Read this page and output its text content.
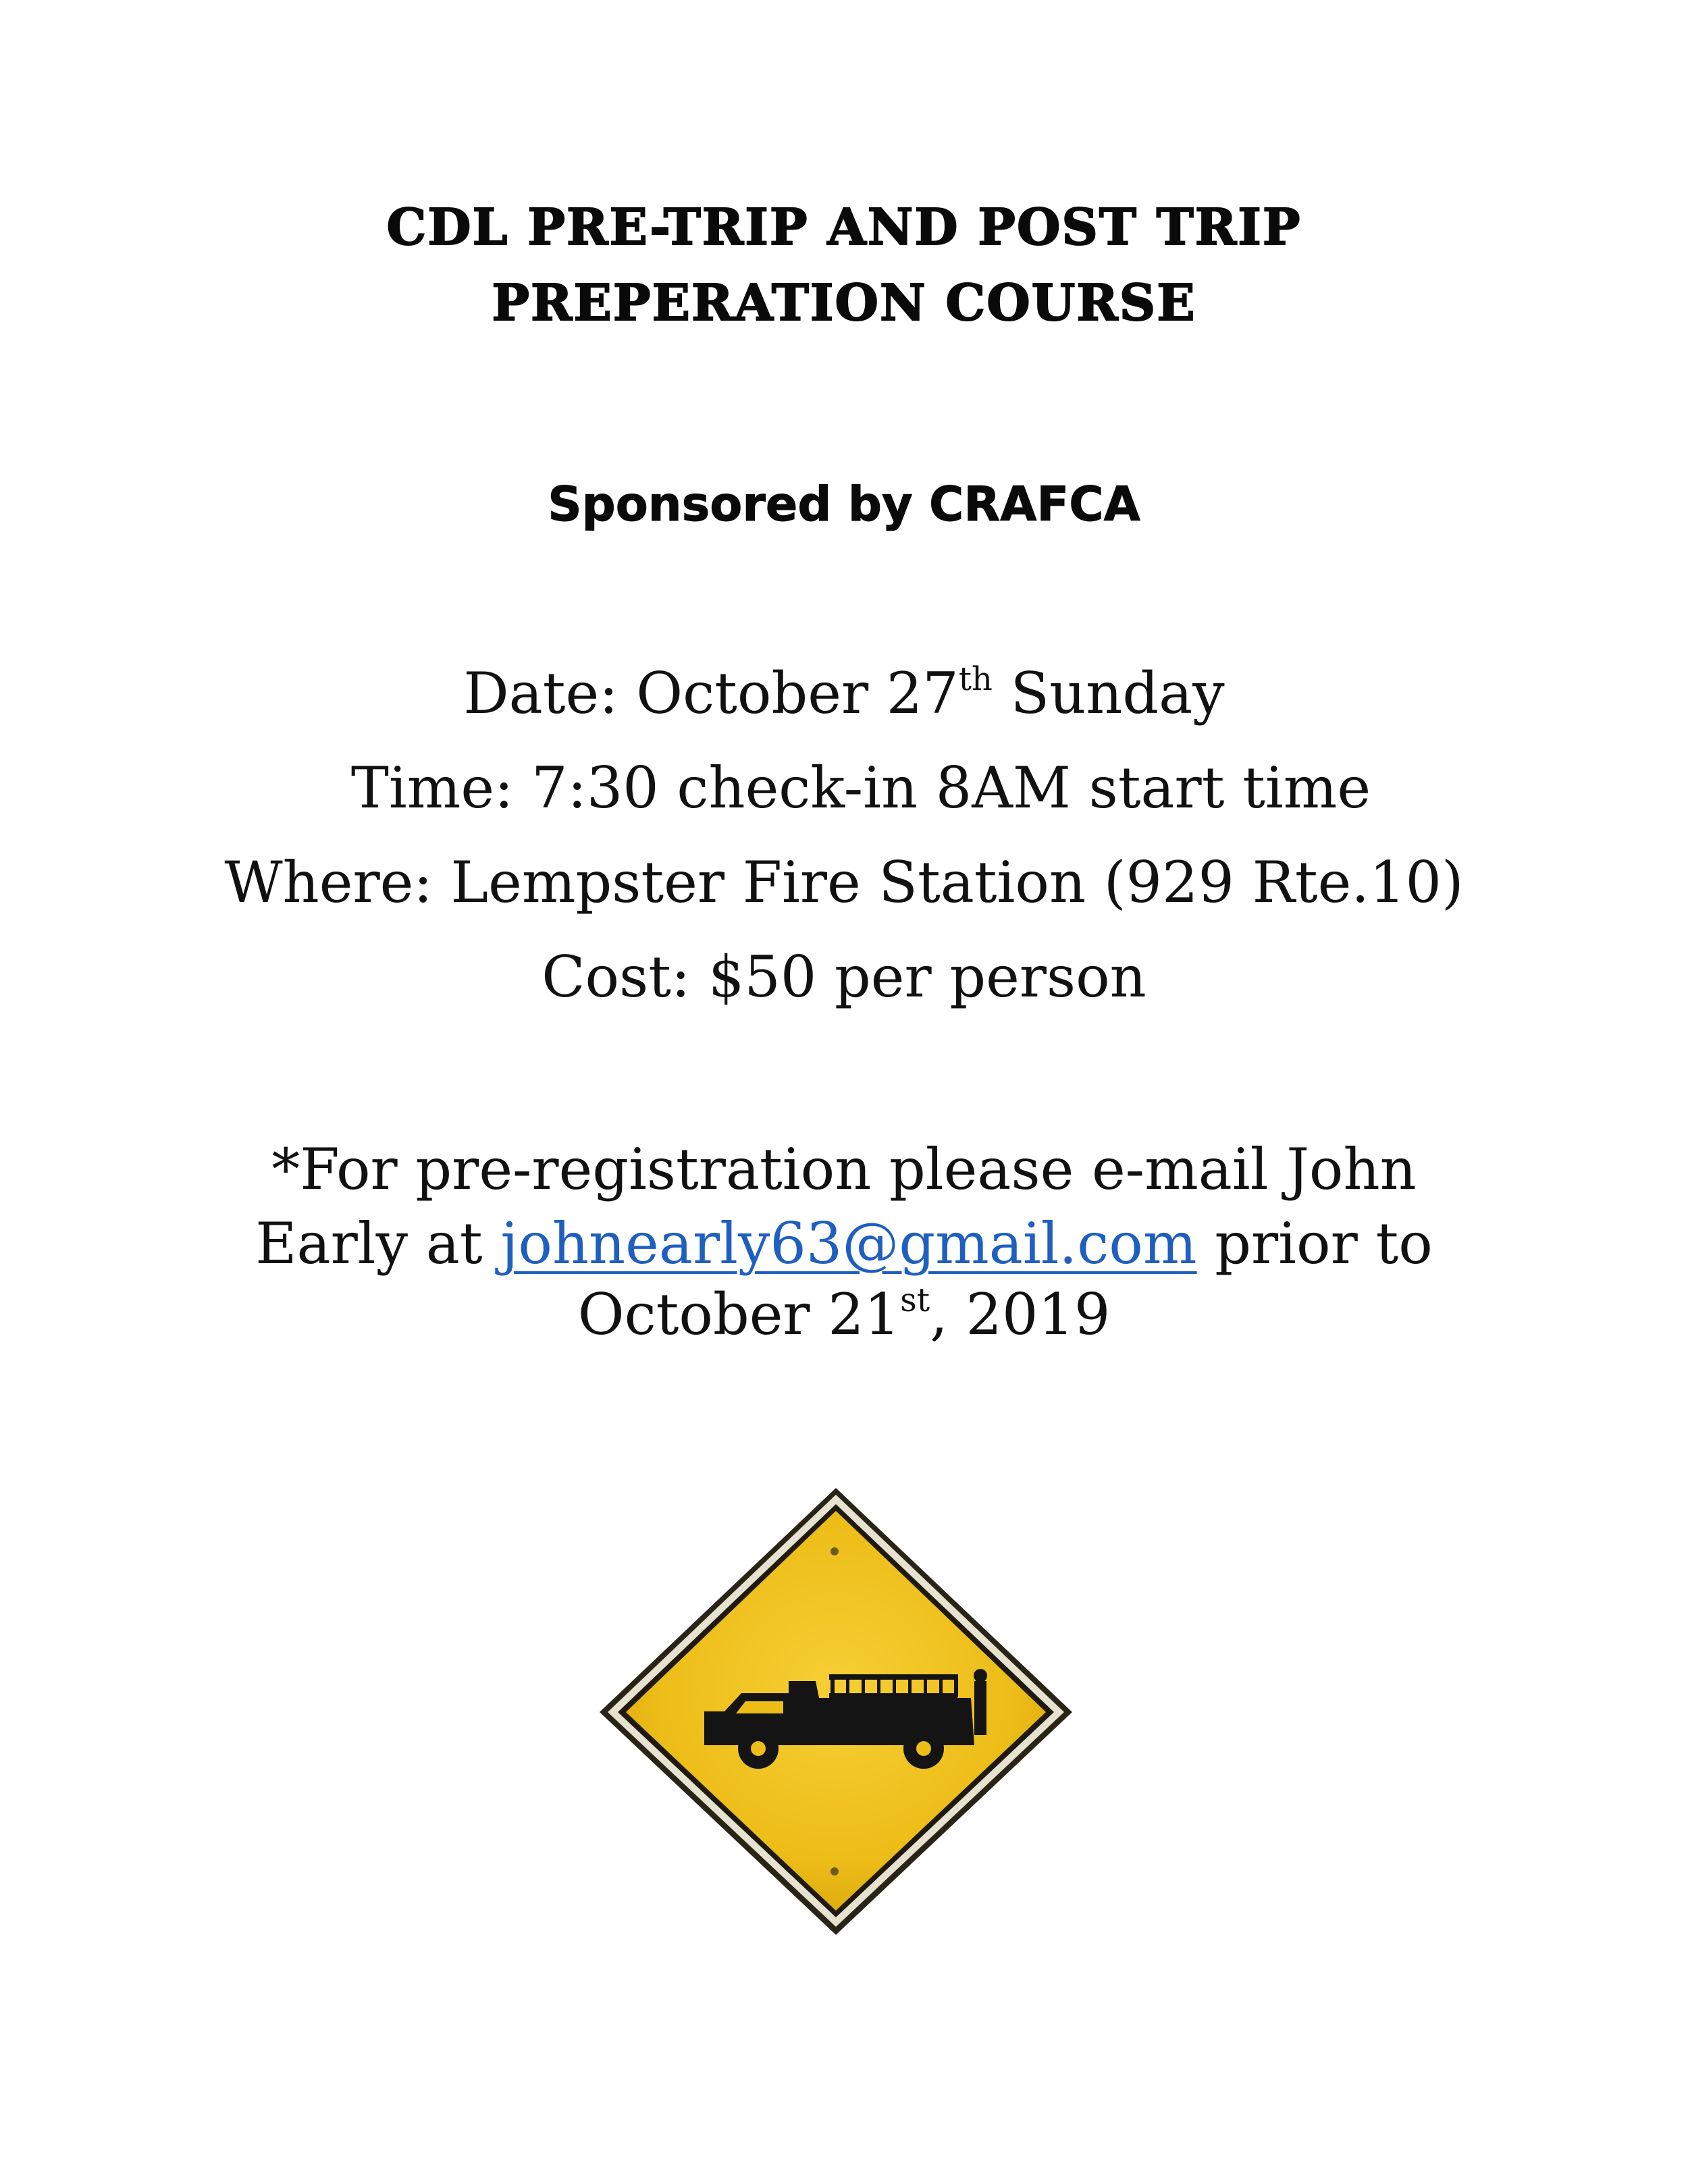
CDL PRE-TRIP AND POST TRIP
PREPERATION COURSE
Sponsored by CRAFCA
Date: October 27th Sunday
Time: 7:30 check-in 8AM start time
Where: Lempster Fire Station (929 Rte.10)
Cost: $50 per person
*For pre-registration please e-mail John
Early at johnearly63@gmail.com prior to
October 21st, 2019
